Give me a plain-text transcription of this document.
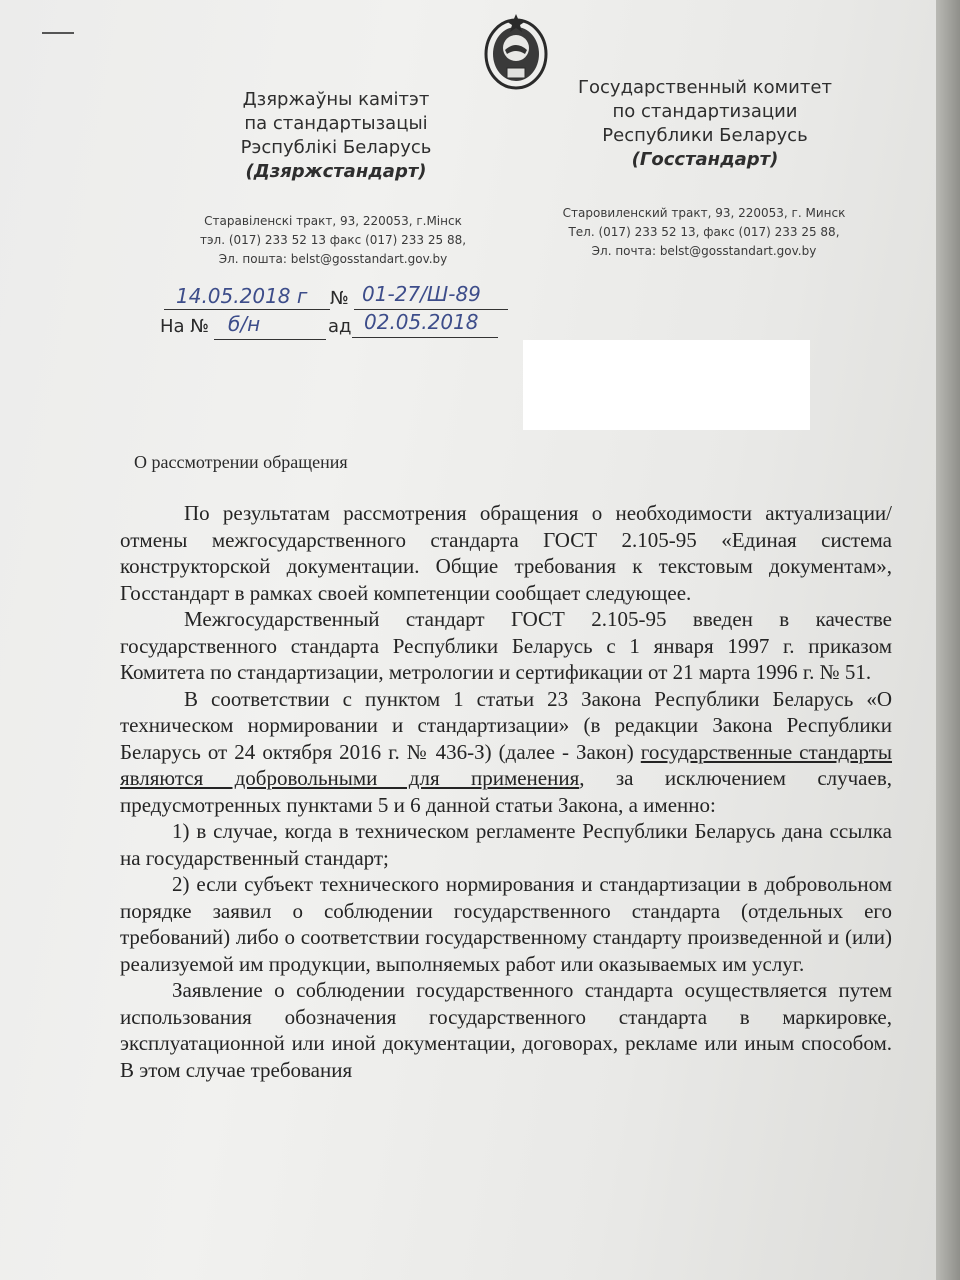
Дзяржаўны камітэт
па стандартызацыі
Рэспублікі Беларусь
(Дзяржстандарт)
Государственный комитет
по стандартизации
Республики Беларусь
(Госстандарт)
Старавіленскі тракт, 93, 220053, г.Мінск
тэл. (017) 233 52 13 факс (017) 233 25 88,
Эл. пошта: belst@gosstandart.gov.by
Старовиленский тракт, 93, 220053, г. Минск
Тел. (017) 233 52 13, факс (017) 233 25 88,
Эл. почта: belst@gosstandart.gov.by
14.05.2018 г № 01-27/Ш-89
На № б/н	ад 02.05.2018
О рассмотрении обращения

По результатам рассмотрения обращения о необходимости актуализации/отмены межгосударственного стандарта ГОСТ 2.105-95 «Единая система конструкторской документации. Общие требования к текстовым документам», Госстандарт в рамках своей компетенции сообщает следующее.

Межгосударственный стандарт ГОСТ 2.105-95 введен в качестве государственного стандарта Республики Беларусь с 1 января 1997 г. приказом Комитета по стандартизации, метрологии и сертификации от 21 марта 1996 г. № 51.

В соответствии с пунктом 1 статьи 23 Закона Республики Беларусь «О техническом нормировании и стандартизации» (в редакции Закона Республики Беларусь от 24 октября 2016 г. № 436-З) (далее - Закон) государственные стандарты являются добровольными для применения, за исключением случаев, предусмотренных пунктами 5 и 6 данной статьи Закона, а именно:

1) в случае, когда в техническом регламенте Республики Беларусь дана ссылка на государственный стандарт;

2) если субъект технического нормирования и стандартизации в добровольном порядке заявил о соблюдении государственного стандарта (отдельных его требований) либо о соответствии государственному стандарту произведенной и (или) реализуемой им продукции, выполняемых работ или оказываемых им услуг.

Заявление о соблюдении государственного стандарта осуществляется путем использования обозначения государственного стандарта в маркировке, эксплуатационной или иной документации, договорах, рекламе или иным способом. В этом случае требования
